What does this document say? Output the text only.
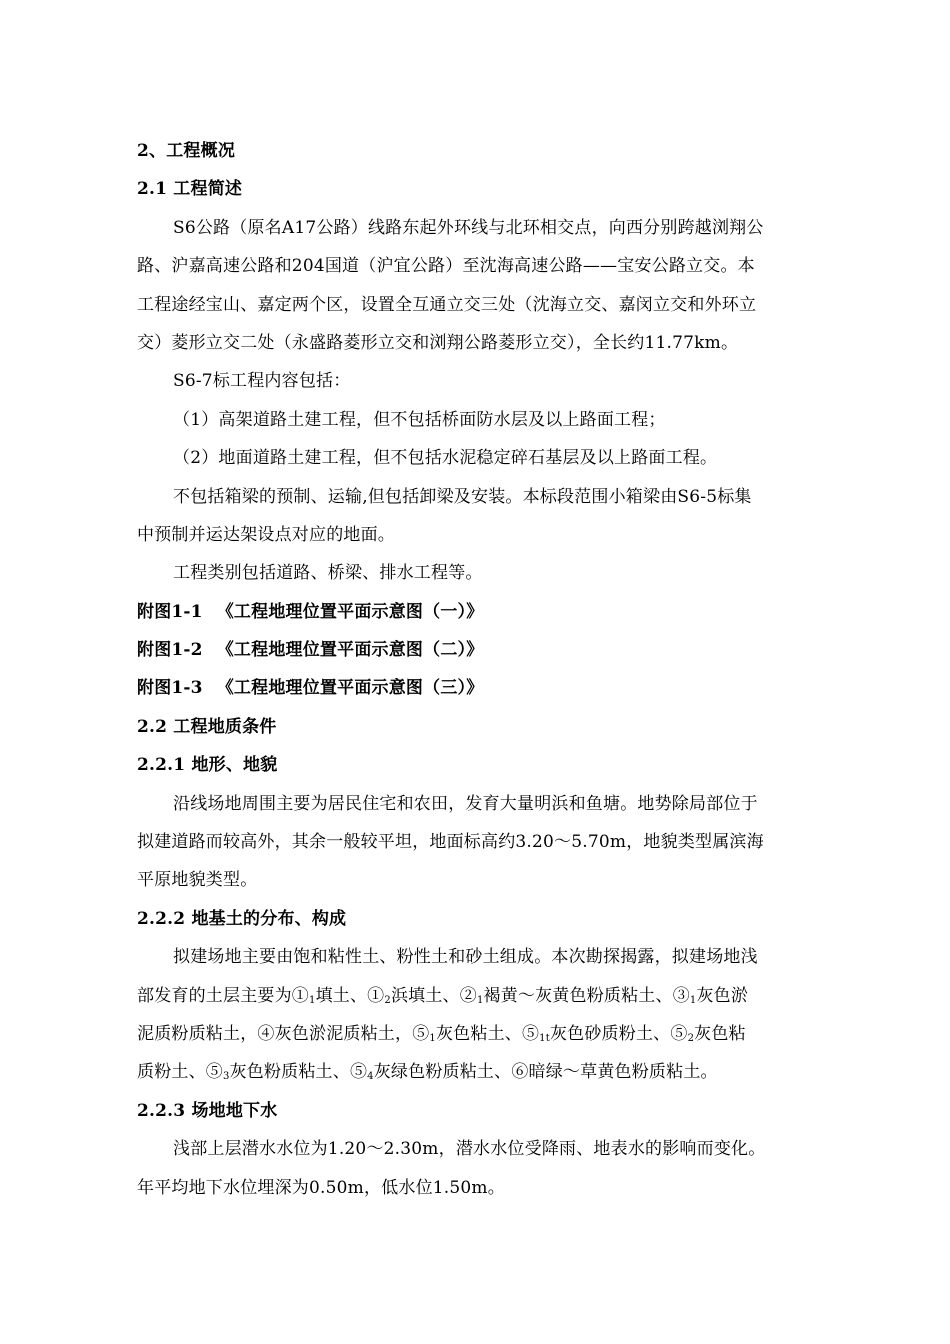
2、工程概况
2.1 工程简述
S6公路（原名A17公路）线路东起外环线与北环相交点，向西分别跨越浏翔公
路、沪嘉高速公路和204国道（沪宜公路）至沈海高速公路——宝安公路立交。本
工程途经宝山、嘉定两个区，设置全互通立交三处（沈海立交、嘉闵立交和外环立
交）菱形立交二处（永盛路菱形立交和浏翔公路菱形立交），全长约11.77km。
S6-7标工程内容包括：
（1）高架道路土建工程，但不包括桥面防水层及以上路面工程；
（2）地面道路土建工程，但不包括水泥稳定碎石基层及以上路面工程。
不包括箱梁的预制、运输,但包括卸梁及安装。本标段范围小箱梁由S6-5标集
中预制并运达架设点对应的地面。
工程类别包括道路、桥梁、排水工程等。
附图1-1 《工程地理位置平面示意图（一）》
附图1-2 《工程地理位置平面示意图（二）》
附图1-3 《工程地理位置平面示意图（三）》
2.2 工程地质条件
2.2.1 地形、地貌
沿线场地周围主要为居民住宅和农田，发育大量明浜和鱼塘。地势除局部位于
拟建道路而较高外，其余一般较平坦，地面标高约3.20～5.70m，地貌类型属滨海
平原地貌类型。
2.2.2 地基土的分布、构成
拟建场地主要由饱和粘性土、粉性土和砂土组成。本次勘探揭露，拟建场地浅
部发育的土层主要为$①_1$填土、$①_2$浜填土、$②_1$褐黄～灰黄色粉质粘土、$③_1$灰色淤
泥质粉质粘土，④灰色淤泥质粘土，$⑤_1$灰色粘土、$⑤_{1t}$灰色砂质粉土、$⑤_2$灰色粘
质粉土、$⑤_3$灰色粉质粘土、$⑤_4$灰绿色粉质粘土、⑥暗绿～草黄色粉质粘土。
2.2.3 场地地下水
浅部上层潜水水位为1.20～2.30m，潜水水位受降雨、地表水的影响而变化。
年平均地下水位埋深为0.50m，低水位1.50m。
